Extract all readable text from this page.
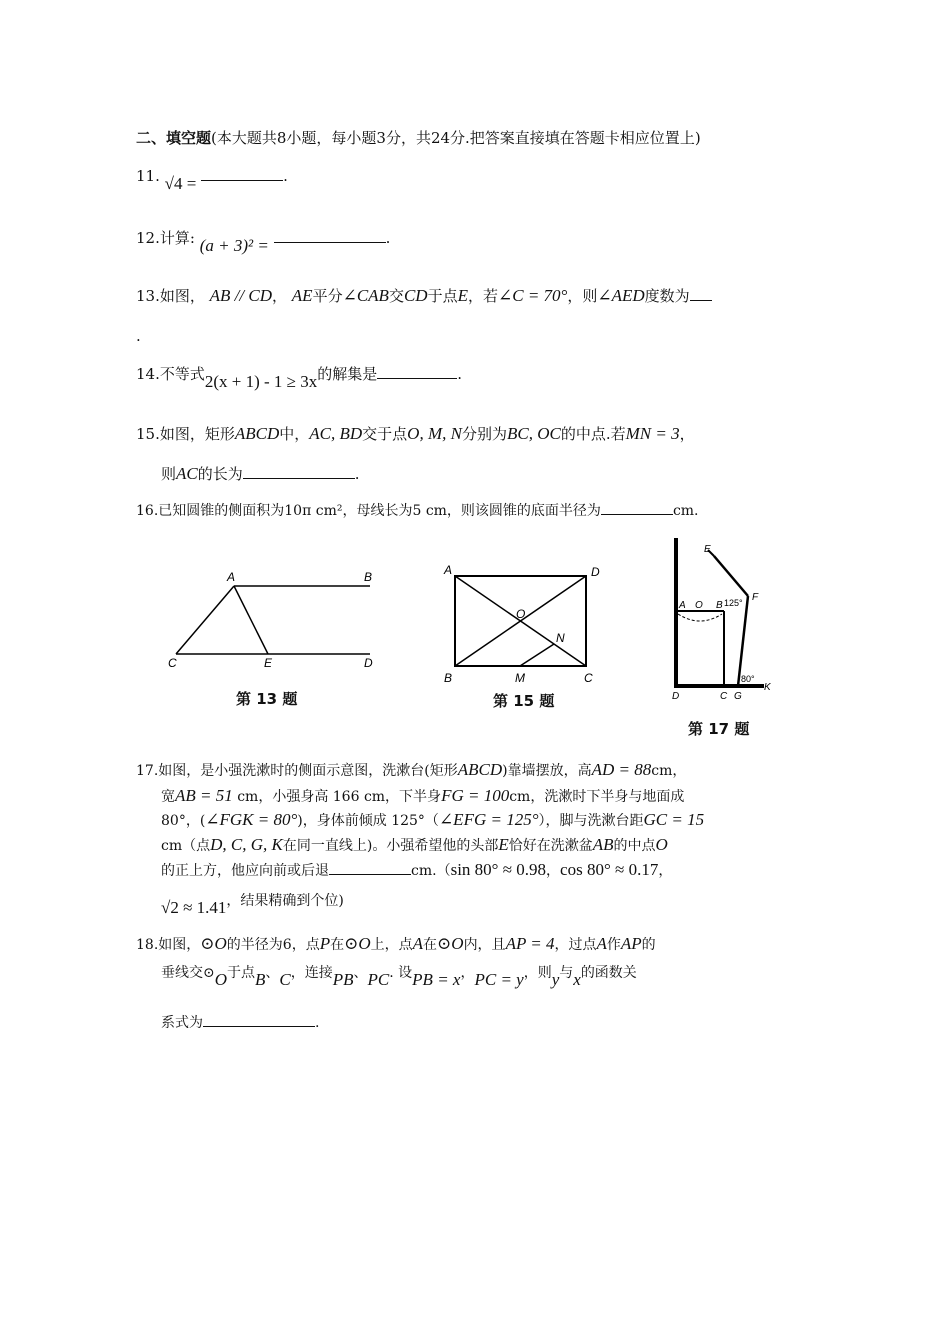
二、填空题(本大题共8小题，每小题3分，共24分.把答案直接填在答题卡相应位置上)
11. √4 =	.
12.计算: (a + 3)² =	.
13.如图， AB // CD， AE平分∠CAB交CD于点E，若∠C = 70°，则∠AED度数为
.
14.不等式2(x + 1) - 1 ≥ 3x的解集是	.
15.如图，矩形ABCD中，AC, BD交于点O, M, N分别为BC, OC的中点.若MN = 3，
则AC的长为	.
16.已知圆锥的侧面积为10π cm²，母线长为5 cm，则该圆锥的底面半径为	cm.
A	B
C	E	D
第 13 题
A	D
O
N
B	M	C
第 15 题
E
F
125°
A O B
80°
K
D	C G
第 17 题
17.如图，是小强洗漱时的侧面示意图，洗漱台(矩形ABCD)靠墙摆放，高AD = 88cm，
宽AB = 51 cm，小强身高 166 cm，下半身FG = 100cm，洗漱时下半身与地面成
80°，(∠FGK = 80°)，身体前倾成 125°（∠EFG = 125°），脚与洗漱台距GC = 15
cm（点D, C, G, K在同一直线上)。小强希望他的头部E恰好在洗漱盆AB的中点O
的正上方，他应向前或后退	cm.（sin 80° ≈ 0.98，cos 80° ≈ 0.17，
√2 ≈ 1.41，结果精确到个位)
18.如图，⊙O的半径为6，点P在⊙O上，点A在⊙O内，且AP = 4，过点A作AP的
垂线交⊙O于点B、C，连接PB、PC. 设PB = x，PC = y，则y与x的函数关
系式为	.
